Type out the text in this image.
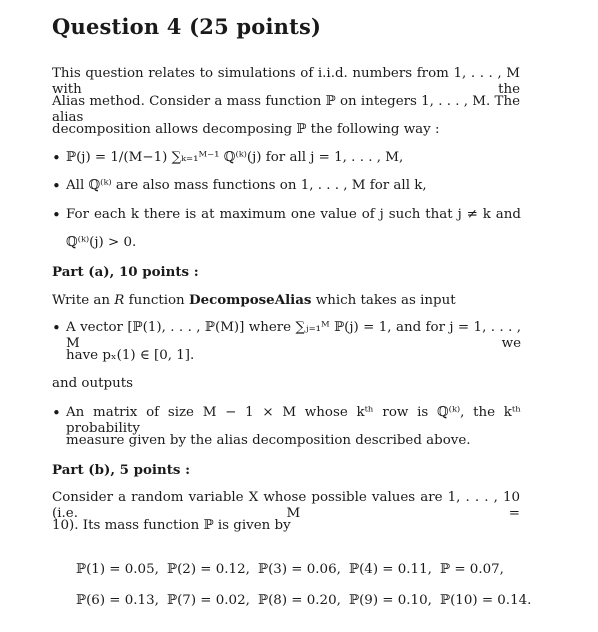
Question 4 (25 points)
This question relates to simulations of i.i.d. numbers from 1, . . . , M with the
Alias method. Consider a mass function ℙ on integers 1, . . . , M. The alias
decomposition allows decomposing ℙ the following way :
• ℙ(j) = 1/(M−1) ∑ₖ₌₁ᴹ⁻¹ ℚ⁽ᵏ⁾(j) for all j = 1, . . . , M,
• All ℚ⁽ᵏ⁾ are also mass functions on 1, . . . , M for all k,
• For each k there is at maximum one value of j such that j ≠ k and
ℚ⁽ᵏ⁾(j) > 0.
Part (a), 10 points :
Write an R function DecomposeAlias which takes as input
• A vector [ℙ(1), . . . , ℙ(M)] where ∑ⱼ₌₁ᴹ ℙ(j) = 1, and for j = 1, . . . , M we
have pₓ(1) ∈ [0, 1].
and outputs
• An matrix of size M − 1 × M whose kᵗʰ row is ℚ⁽ᵏ⁾, the kᵗʰ probability
measure given by the alias decomposition described above.
Part (b), 5 points :
Consider a random variable X whose possible values are 1, . . . , 10 (i.e. M =
10). Its mass function ℙ is given by
ℙ(1) = 0.05, ℙ(2) = 0.12, ℙ(3) = 0.06, ℙ(4) = 0.11, ℙ = 0.07,
ℙ(6) = 0.13, ℙ(7) = 0.02, ℙ(8) = 0.20, ℙ(9) = 0.10, ℙ(10) = 0.14.
